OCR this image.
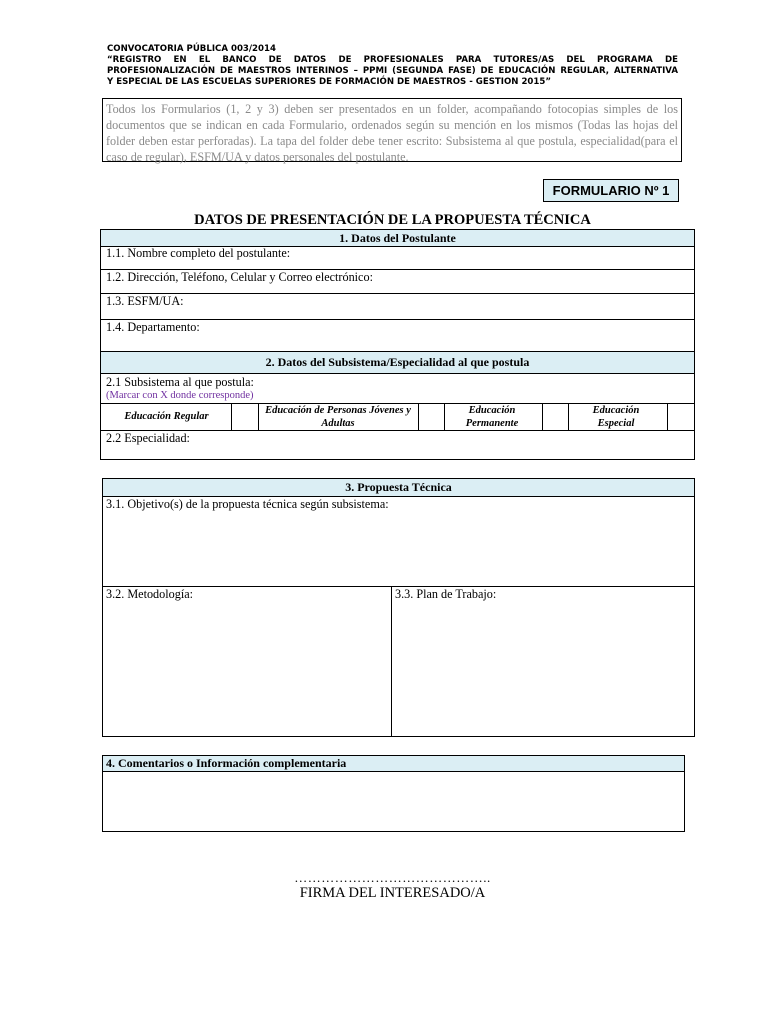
CONVOCATORIA PÚBLICA 003/2014
“REGISTRO EN EL BANCO DE DATOS DE PROFESIONALES PARA TUTORES/AS DEL PROGRAMA DE
PROFESIONALIZACIÓN DE MAESTROS INTERINOS – PPMI (SEGUNDA FASE) DE EDUCACIÓN REGULAR, ALTERNATIVA
Y ESPECIAL DE LAS ESCUELAS SUPERIORES DE FORMACIÓN DE MAESTROS - GESTION 2015”
Todos los Formularios (1, 2 y 3) deben ser presentados en un folder, acompañando fotocopias simples de los documentos que se indican en cada Formulario, ordenados según su mención en los mismos (Todas las hojas del folder deben estar perforadas). La tapa del folder debe tener escrito: Subsistema al que postula, especialidad(para el caso de regular), ESFM/UA y datos personales del postulante.
FORMULARIO Nº 1
DATOS DE PRESENTACIÓN DE LA PROPUESTA TÉCNICA
1. Datos del Postulante
1.1. Nombre completo del postulante:
1.2. Dirección, Teléfono, Celular y Correo electrónico:
1.3. ESFM/UA:
1.4. Departamento:
2. Datos del Subsistema/Especialidad al que postula
2.1 Subsistema al que postula:
(Marcar con X donde corresponde)
Educación Regular
Educación de Personas Jóvenes y Adultas
Educación Permanente
Educación Especial
2.2 Especialidad:
3. Propuesta Técnica
3.1. Objetivo(s) de la propuesta técnica según subsistema:
3.2. Metodología:	3.3. Plan de Trabajo:
4. Comentarios o Información complementaria
……………………………………..
FIRMA DEL INTERESADO/A
